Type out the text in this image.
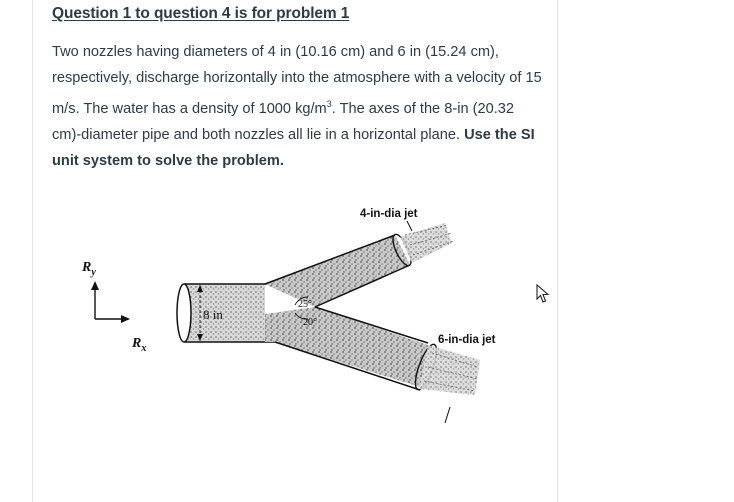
Question 1 to question 4 is for problem 1
Two nozzles having diameters of 4 in (10.16 cm) and 6 in (15.24 cm), respectively, discharge horizontally into the atmosphere with a velocity of 15 m/s. The water has a density of 1000 $kg/m^3$. The axes of the 8-in (20.32 cm)-diameter pipe and both nozzles all lie in a horizontal plane. Use the SI unit system to solve the problem.
$R_y$
$R_x$
8 in
4-in-dia jet
6-in-dia jet
25°
20°
